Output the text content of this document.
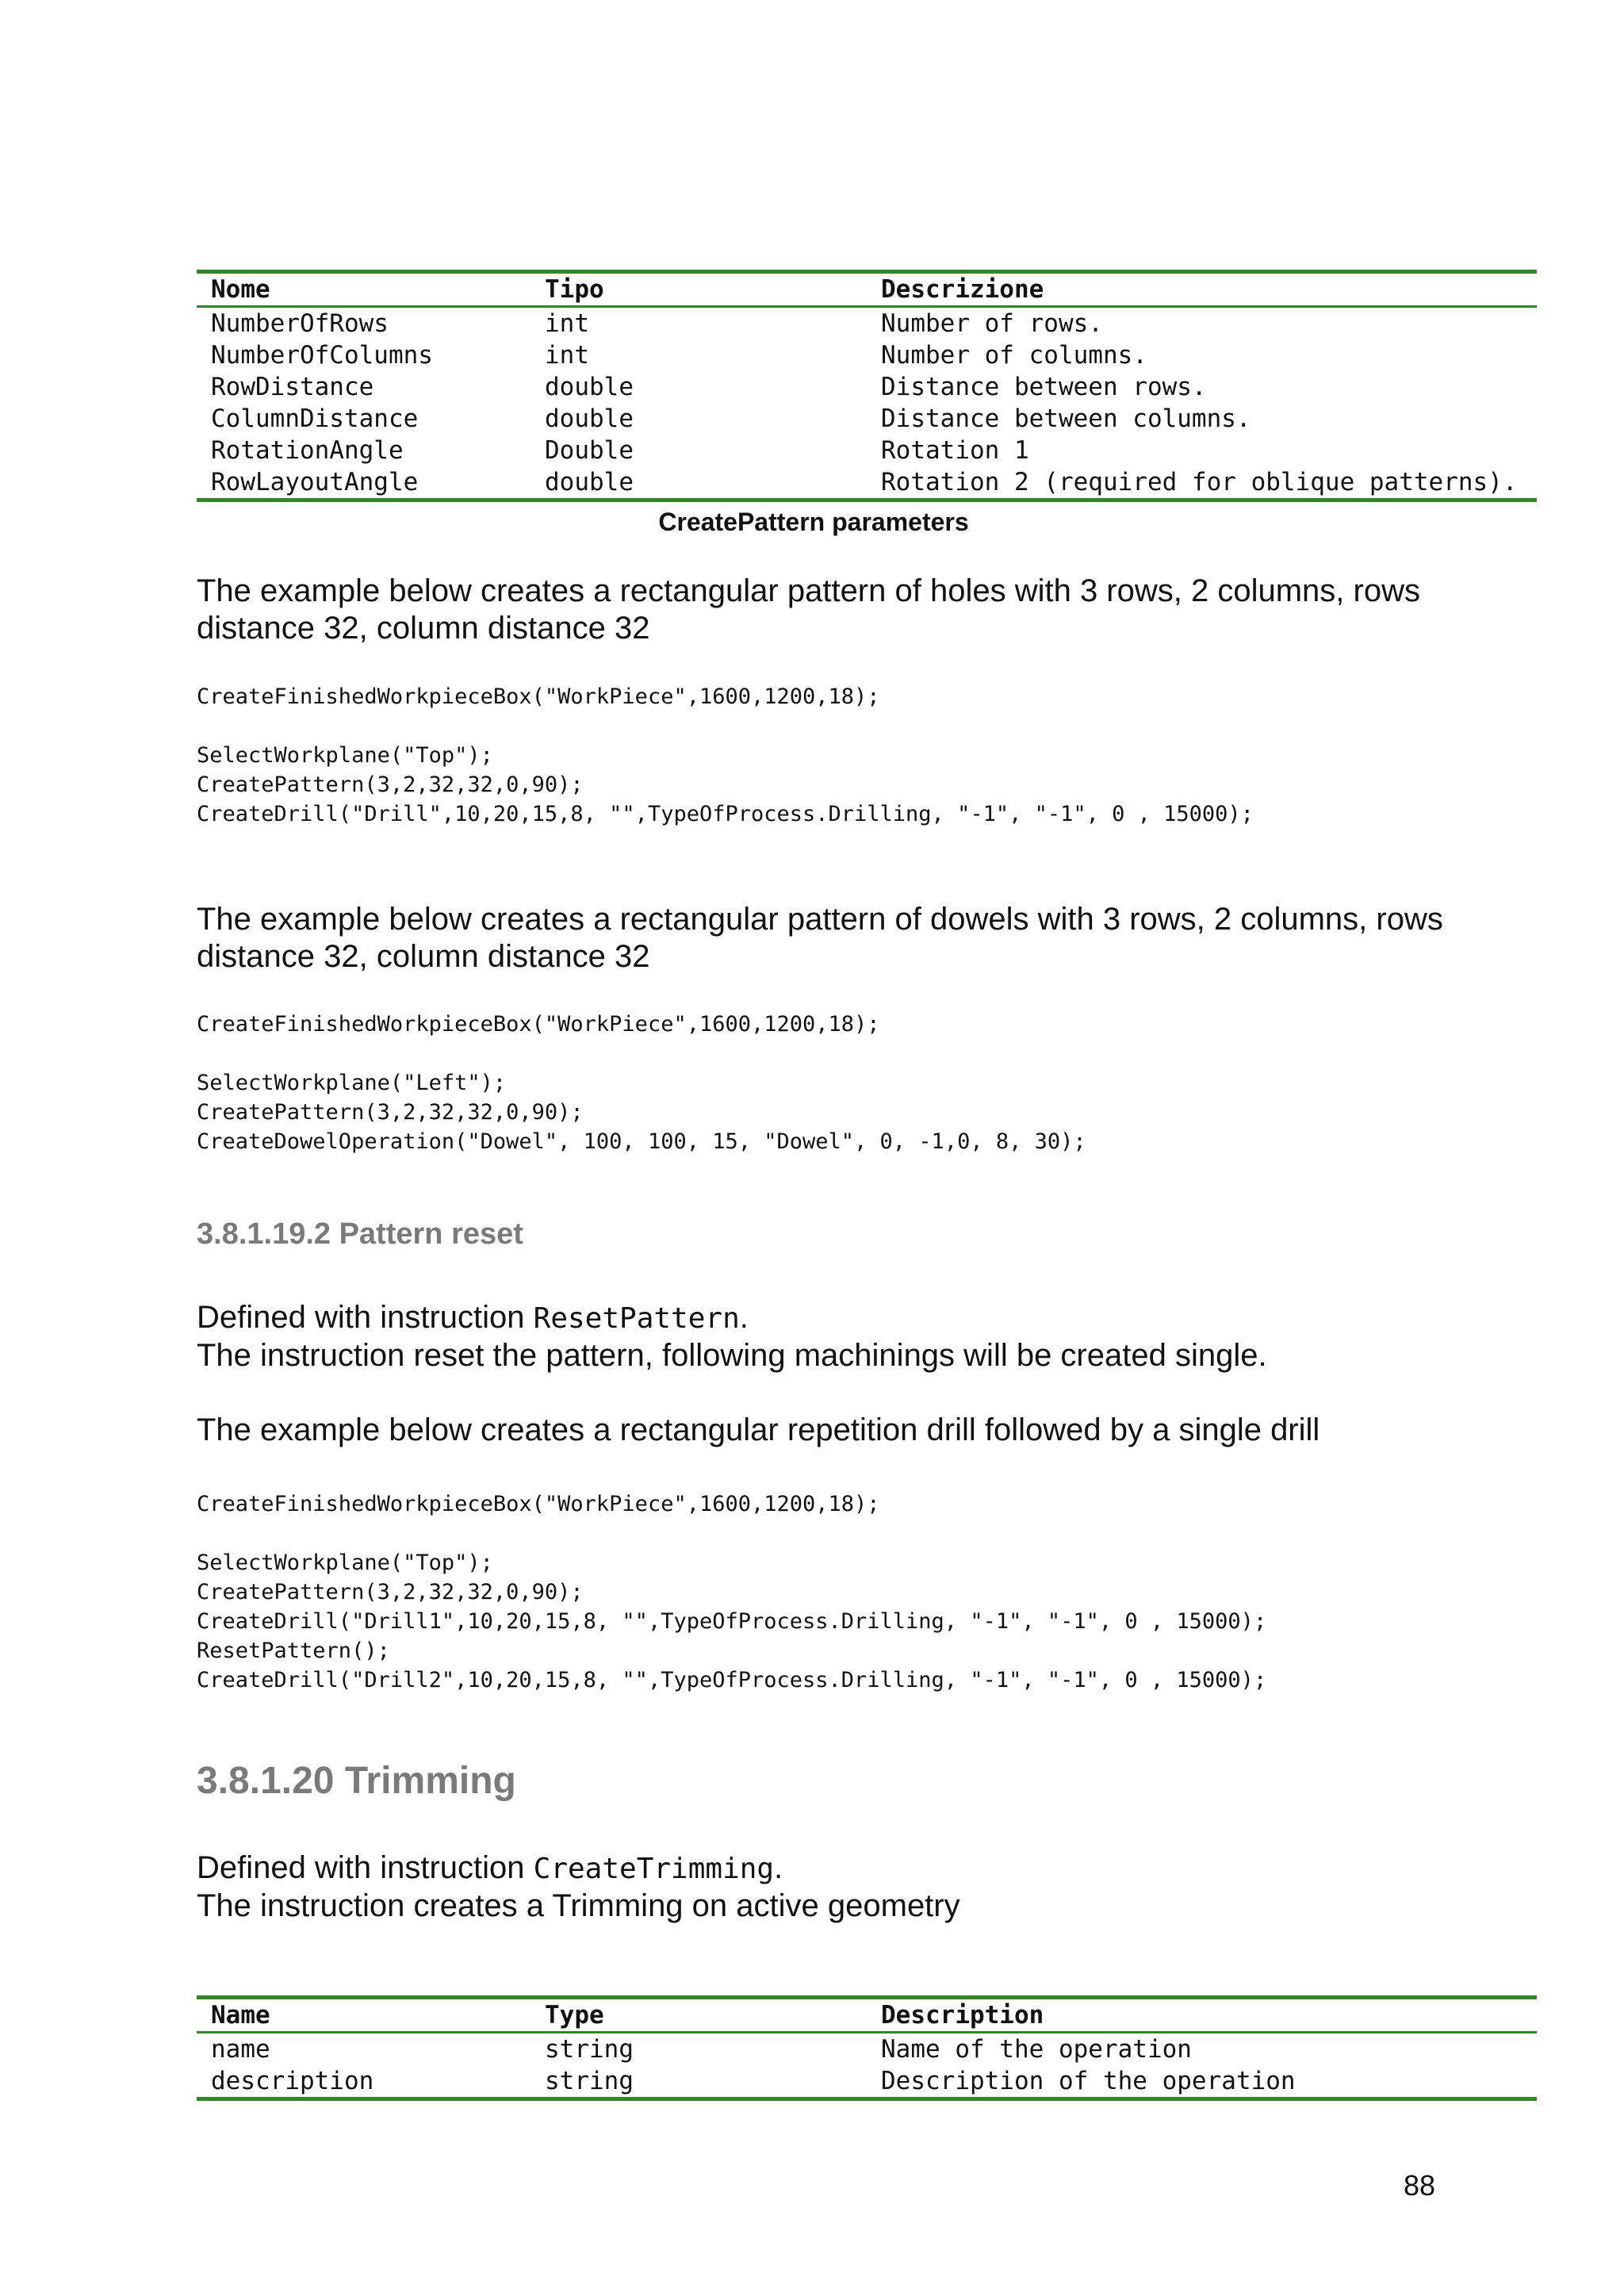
Nome	Tipo	Descrizione
NumberOfRows	int	Number of rows.
NumberOfColumns	int	Number of columns.
RowDistance	double	Distance between rows.
ColumnDistance	double	Distance between columns.
RotationAngle	Double	Rotation 1
RowLayoutAngle	double	Rotation 2 (required for oblique patterns).
CreatePattern parameters

The example below creates a rectangular pattern of holes with 3 rows, 2 columns, rows distance 32, column distance 32

CreateFinishedWorkpieceBox("WorkPiece",1600,1200,18);

SelectWorkplane("Top");
CreatePattern(3,2,32,32,0,90);
CreateDrill("Drill",10,20,15,8, "",TypeOfProcess.Drilling, "-1", "-1", 0 , 15000);

The example below creates a rectangular pattern of dowels with 3 rows, 2 columns, rows distance 32, column distance 32

CreateFinishedWorkpieceBox("WorkPiece",1600,1200,18);

SelectWorkplane("Left");
CreatePattern(3,2,32,32,0,90);
CreateDowelOperation("Dowel", 100, 100, 15, "Dowel", 0, -1,0, 8, 30);
3.8.1.19.2 Pattern reset

Defined with instruction ResetPattern.

The instruction reset the pattern, following machinings will be created single.

The example below creates a rectangular repetition drill followed by a single drill

CreateFinishedWorkpieceBox("WorkPiece",1600,1200,18);

SelectWorkplane("Top");
CreatePattern(3,2,32,32,0,90);
CreateDrill("Drill1",10,20,15,8, "",TypeOfProcess.Drilling, "-1", "-1", 0 , 15000);
ResetPattern();
CreateDrill("Drill2",10,20,15,8, "",TypeOfProcess.Drilling, "-1", "-1", 0 , 15000);
3.8.1.20 Trimming

Defined with instruction CreateTrimming.

The instruction creates a Trimming on active geometry

Name	Type	Description
name	string	Name of the operation
description	string	Description of the operation
88
